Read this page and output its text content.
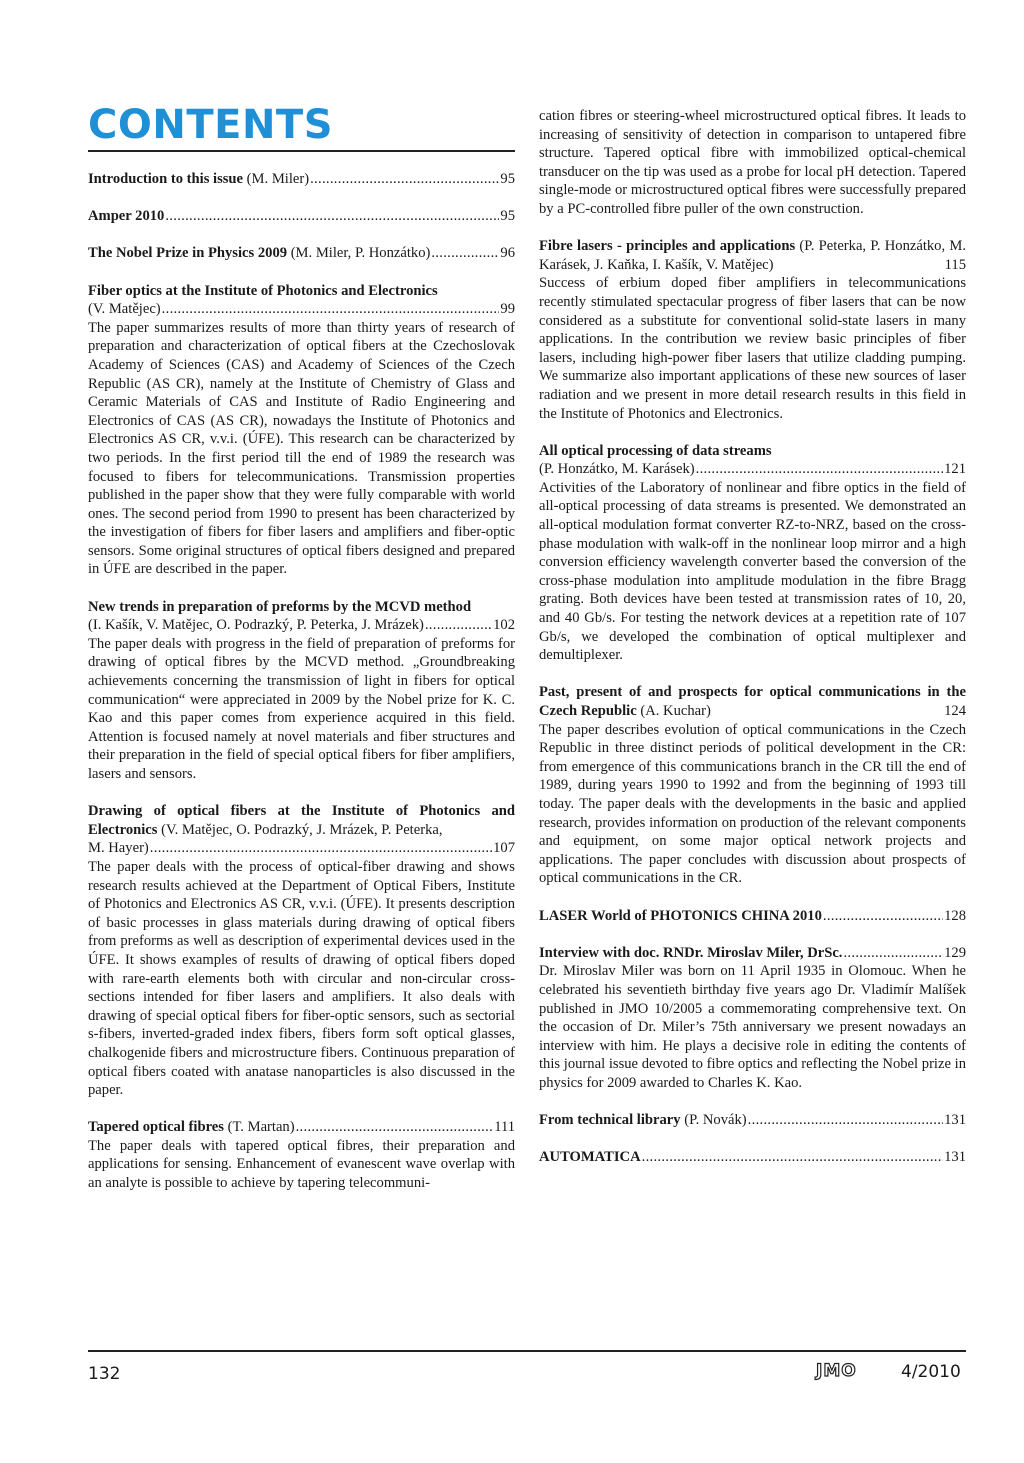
CONTENTS
Introduction to this issue (M. Miler) .....	95
Amper 2010 .....	95
The Nobel Prize in Physics 2009 (M. Miler, P. Honzátko) .....	96
Fiber optics at the Institute of Photonics and Electronics
(V. Matějec) .....	99

The paper summarizes results of more than thirty years of research of preparation and characterization of optical fibers at the Czechoslovak Academy of Sciences (CAS) and Academy of Sciences of the Czech Republic (AS CR), namely at the Institute of Chemistry of Glass and Ceramic Materials of CAS and Institute of Radio Engineering and Electronics of CAS (AS CR), nowadays the Institute of Photonics and Electronics AS CR, v.v.i. (ÚFE). This research can be characterized by two periods. In the first period till the end of 1989 the research was focused to fibers for telecommunications. Transmission properties published in the paper show that they were fully comparable with world ones. The second period from 1990 to present has been characterized by the investigation of fibers for fiber lasers and amplifiers and fiber-optic sensors. Some original structures of optical fibers designed and prepared in ÚFE are described in the paper.

New trends in preparation of preforms by the MCVD method
(I. Kašík, V. Matějec, O. Podrazký, P. Peterka, J. Mrázek) .....	102

The paper deals with progress in the field of preparation of preforms for drawing of optical fibres by the MCVD method. „Groundbreaking achievements concerning the transmission of light in fibers for optical communication“ were appreciated in 2009 by the Nobel prize for K. C. Kao and this paper comes from experience acquired in this field. Attention is focused namely at novel materials and fiber structures and their preparation in the field of special optical fibers for fiber amplifiers, lasers and sensors.

Drawing of optical fibers at the Institute of Photonics and Electronics (V. Matějec, O. Podrazký, J. Mrázek, P. Peterka,
M. Hayer) .....	107

The paper deals with the process of optical-fiber drawing and shows research results achieved at the Department of Optical Fibers, Institute of Photonics and Electronics AS CR, v.v.i. (ÚFE). It presents description of basic processes in glass materials during drawing of optical fibers from preforms as well as description of experimental devices used in the ÚFE. It shows examples of results of drawing of optical fibers doped with rare-earth elements both with circular and non-circular cross-sections intended for fiber lasers and amplifiers. It also deals with drawing of special optical fibers for fiber-optic sensors, such as sectorial s-fibers, inverted-graded index fibers, fibers form soft optical glasses, chalkogenide fibers and microstructure fibers. Continuous preparation of optical fibers coated with anatase nanoparticles is also discussed in the paper.

Tapered optical fibres (T. Martan) .....	111

The paper deals with tapered optical fibres, their preparation and applications for sensing. Enhancement of evanescent wave overlap with an analyte is possible to achieve by tapering telecommuni-

cation fibres or steering-wheel microstructured optical fibres. It leads to increasing of sensitivity of detection in comparison to untapered fibre structure. Tapered optical fibre with immobilized optical-chemical transducer on the tip was used as a probe for local pH detection. Tapered single-mode or microstructured optical fibres were successfully prepared by a PC-controlled fibre puller of the own construction.

Fibre lasers - principles and applications (P. Peterka, P. Honzátko, M. Karásek, J. Kaňka, I. Kašík, V. Matějec)	115

Success of erbium doped fiber amplifiers in telecommunications recently stimulated spectacular progress of fiber lasers that can be now considered as a substitute for conventional solid-state lasers in many applications. In the contribution we review basic principles of fiber lasers, including high-power fiber lasers that utilize cladding pumping. We summarize also important applications of these new sources of laser radiation and we present in more detail research results in this field in the Institute of Photonics and Electronics.

All optical processing of data streams
(P. Honzátko, M. Karásek) .....	121

Activities of the Laboratory of nonlinear and fibre optics in the field of all-optical processing of data streams is presented. We demonstrated an all-optical modulation format converter RZ-to-NRZ, based on the cross-phase modulation with walk-off in the nonlinear loop mirror and a high conversion efficiency wavelength converter based the conversion of the cross-phase modulation into amplitude modulation in the fibre Bragg grating. Both devices have been tested at transmission rates of 10, 20, and 40 Gb/s. For testing the network devices at a repetition rate of 107 Gb/s, we developed the combination of optical multiplexer and demultiplexer.

Past, present of and prospects for optical communications in the Czech Republic (A. Kuchar)	124

The paper describes evolution of optical communications in the Czech Republic in three distinct periods of political development in the CR: from emergence of this communications branch in the CR till the end of 1989, during years 1990 to 1992 and from the beginning of 1993 till today. The paper deals with the developments in the basic and applied research, provides information on production of the relevant components and equipment, on some major optical network projects and applications. The paper concludes with discussion about prospects of optical communications in the CR.

LASER World of PHOTONICS CHINA 2010 .....	128
Interview with doc. RNDr. Miroslav Miler, DrSc. .....	129

Dr. Miroslav Miler was born on 11 April 1935 in Olomouc. When he celebrated his seventieth birthday five years ago Dr. Vladimír Malíšek published in JMO 10/2005 a commemorating comprehensive text. On the occasion of Dr. Miler’s 75th anniversary we present nowadays an interview with him. He plays a decisive role in editing the contents of this journal issue devoted to fibre optics and reflecting the Nobel prize in physics for 2009 awarded to Charles K. Kao.

From technical library (P. Novák) .....	131
AUTOMATICA .....	131
132	JMO	4/2010
